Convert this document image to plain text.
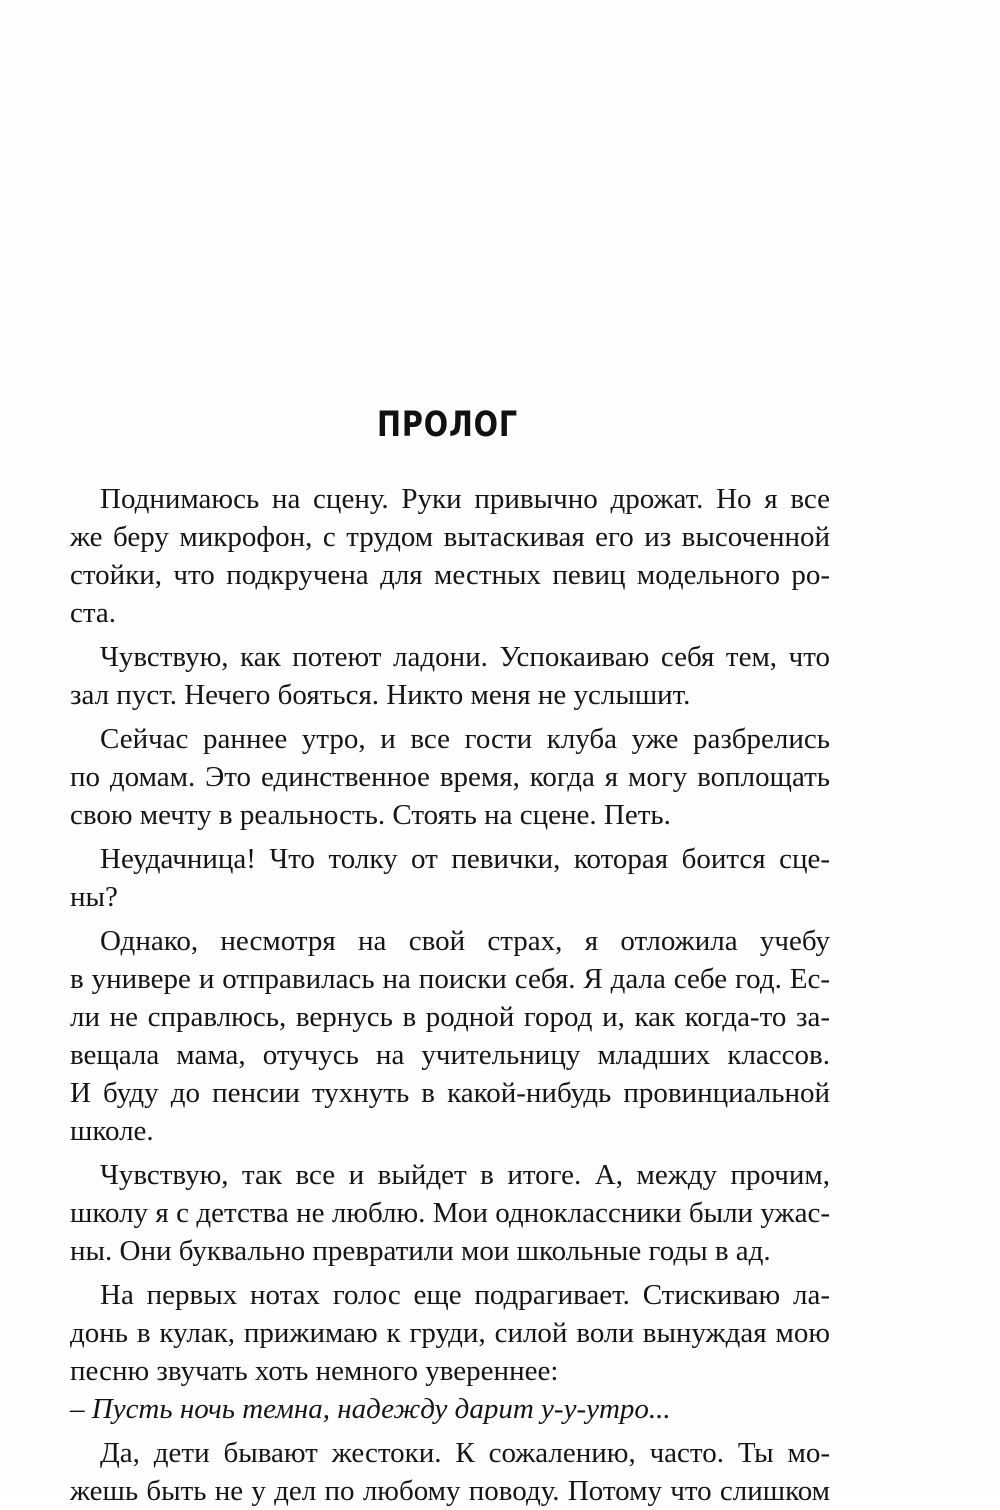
ПРОЛОГ
Поднимаюсь на сцену. Руки привычно дрожат. Но я все
же беру микрофон, с трудом вытаскивая его из высоченной
стойки, что подкручена для местных певиц модельного ро-
ста.
Чувствую, как потеют ладони. Успокаиваю себя тем, что
зал пуст. Нечего бояться. Никто меня не услышит.
Сейчас раннее утро, и все гости клуба уже разбрелись
по домам. Это единственное время, когда я могу воплощать
свою мечту в реальность. Стоять на сцене. Петь.
Неудачница! Что толку от певички, которая боится сце-
ны?
Однако, несмотря на свой страх, я отложила учебу
в универе и отправилась на поиски себя. Я дала себе год. Ес-
ли не справлюсь, вернусь в родной город и, как когда-то за-
вещала мама, отучусь на учительницу младших классов.
И буду до пенсии тухнуть в какой-нибудь провинциальной
школе.
Чувствую, так все и выйдет в итоге. А, между прочим,
школу я с детства не люблю. Мои одноклассники были ужас-
ны. Они буквально превратили мои школьные годы в ад.
На первых нотах голос еще подрагивает. Стискиваю ла-
донь в кулак, прижимаю к груди, силой воли вынуждая мою
песню звучать хоть немного увереннее:
– Пусть ночь темна, надежду дарит у-у-утро...
Да, дети бывают жестоки. К сожалению, часто. Ты мо-
жешь быть не у дел по любому поводу. Потому что слишком
